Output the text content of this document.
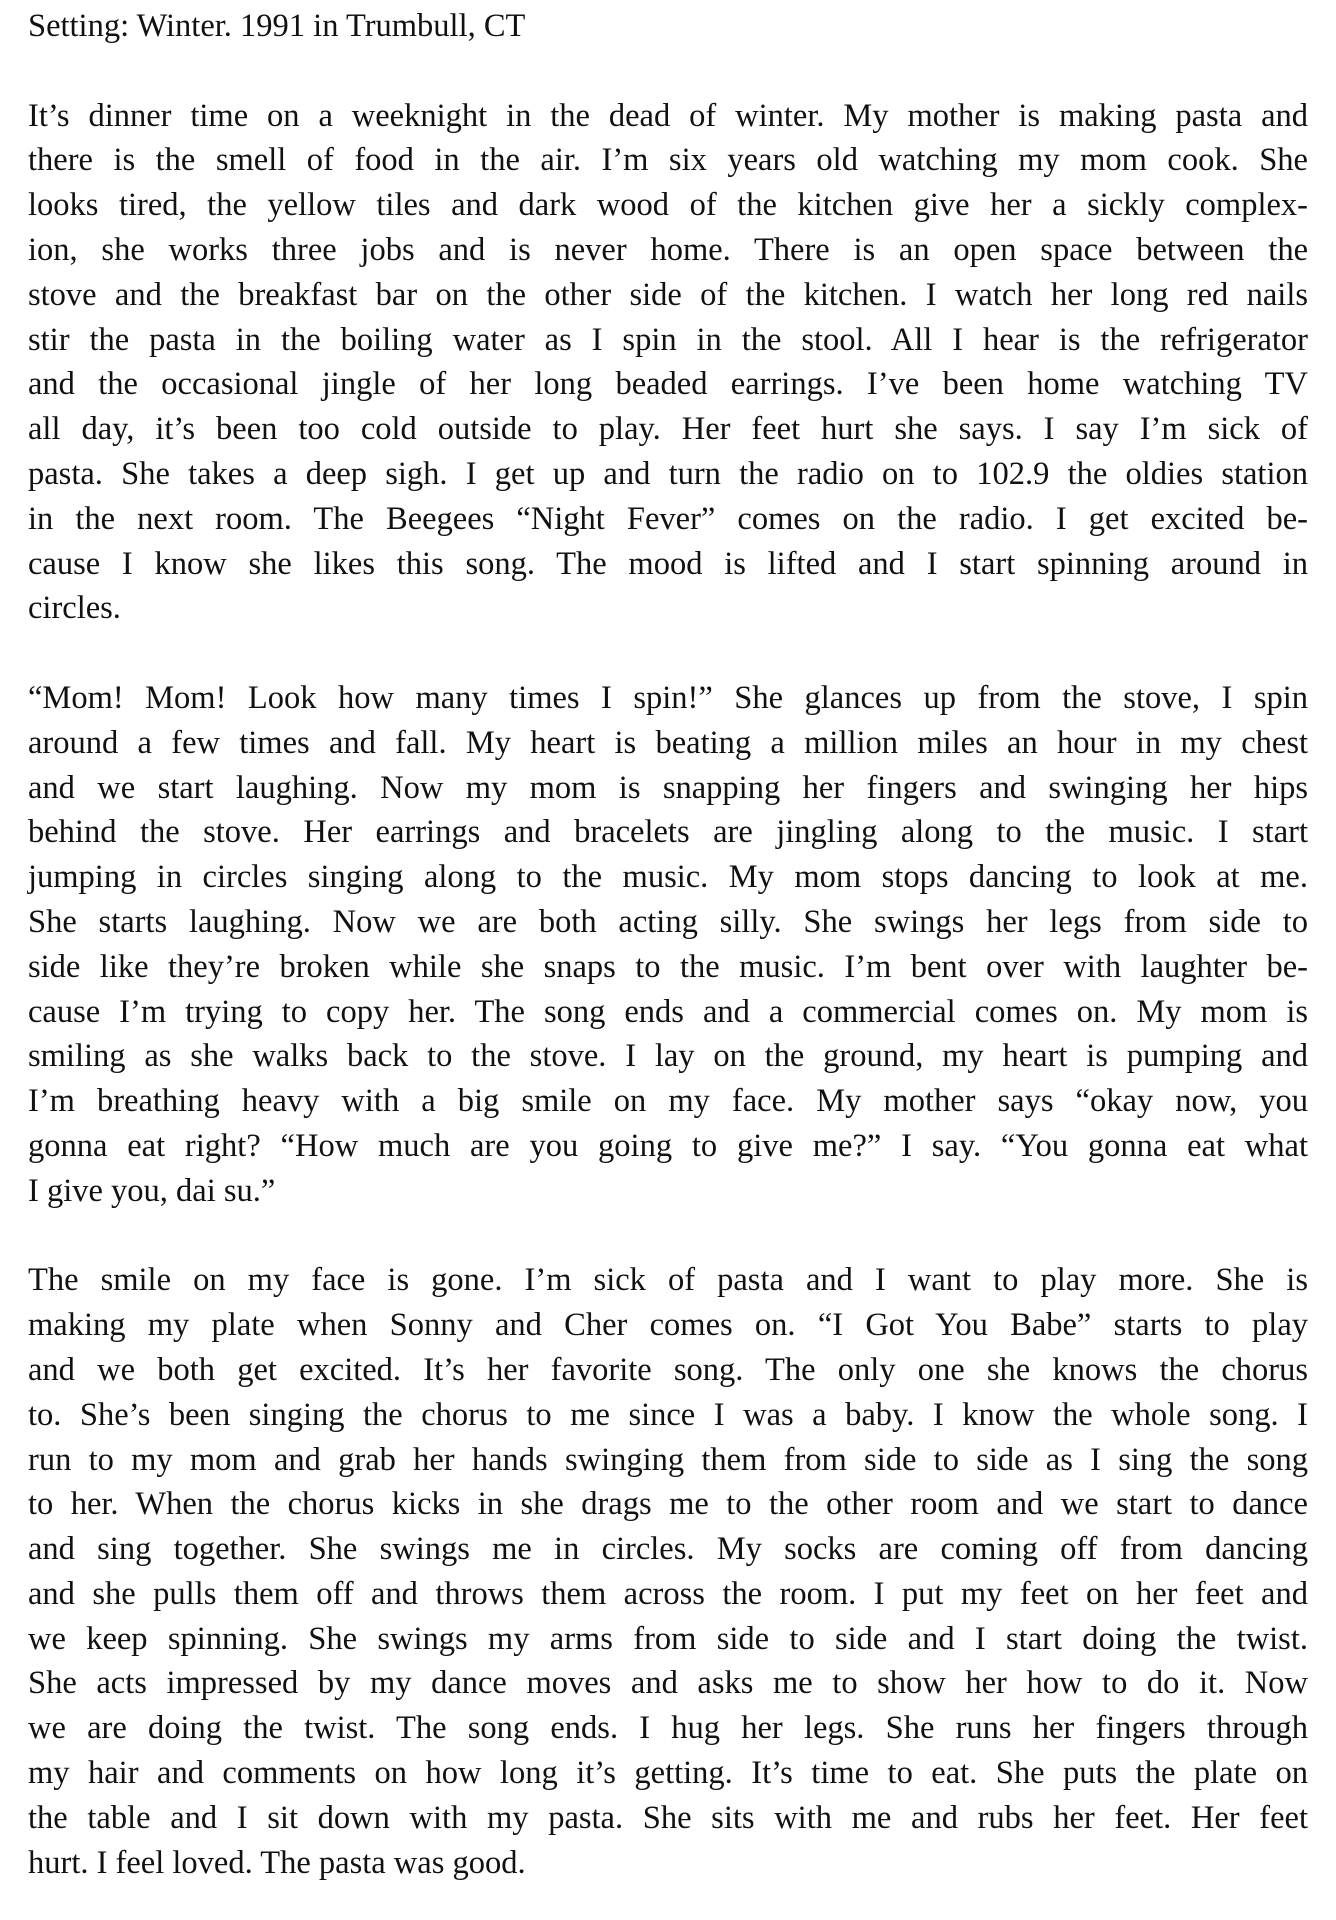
Setting: Winter. 1991 in Trumbull, CT
It’s dinner time on a weeknight in the dead of winter. My mother is making pasta and
there is the smell of food in the air. I’m six years old watching my mom cook. She
looks tired, the yellow tiles and dark wood of the kitchen give her a sickly complex-
ion, she works three jobs and is never home. There is an open space between the
stove and the breakfast bar on the other side of the kitchen. I watch her long red nails
stir the pasta in the boiling water as I spin in the stool. All I hear is the refrigerator
and the occasional jingle of her long beaded earrings. I’ve been home watching TV
all day, it’s been too cold outside to play. Her feet hurt she says. I say I’m sick of
pasta. She takes a deep sigh. I get up and turn the radio on to 102.9 the oldies station
in the next room. The Beegees “Night Fever” comes on the radio. I get excited be-
cause I know she likes this song. The mood is lifted and I start spinning around in
circles.
“Mom! Mom! Look how many times I spin!” She glances up from the stove, I spin
around a few times and fall. My heart is beating a million miles an hour in my chest
and we start laughing. Now my mom is snapping her fingers and swinging her hips
behind the stove. Her earrings and bracelets are jingling along to the music. I start
jumping in circles singing along to the music. My mom stops dancing to look at me.
She starts laughing. Now we are both acting silly. She swings her legs from side to
side like they’re broken while she snaps to the music. I’m bent over with laughter be-
cause I’m trying to copy her. The song ends and a commercial comes on. My mom is
smiling as she walks back to the stove. I lay on the ground, my heart is pumping and
I’m breathing heavy with a big smile on my face. My mother says “okay now, you
gonna eat right? “How much are you going to give me?” I say. “You gonna eat what
I give you, dai su.”
The smile on my face is gone. I’m sick of pasta and I want to play more. She is
making my plate when Sonny and Cher comes on. “I Got You Babe” starts to play
and we both get excited. It’s her favorite song. The only one she knows the chorus
to. She’s been singing the chorus to me since I was a baby. I know the whole song. I
run to my mom and grab her hands swinging them from side to side as I sing the song
to her. When the chorus kicks in she drags me to the other room and we start to dance
and sing together. She swings me in circles. My socks are coming off from dancing
and she pulls them off and throws them across the room. I put my feet on her feet and
we keep spinning. She swings my arms from side to side and I start doing the twist.
She acts impressed by my dance moves and asks me to show her how to do it. Now
we are doing the twist. The song ends. I hug her legs. She runs her fingers through
my hair and comments on how long it’s getting. It’s time to eat. She puts the plate on
the table and I sit down with my pasta. She sits with me and rubs her feet. Her feet
hurt. I feel loved. The pasta was good.
